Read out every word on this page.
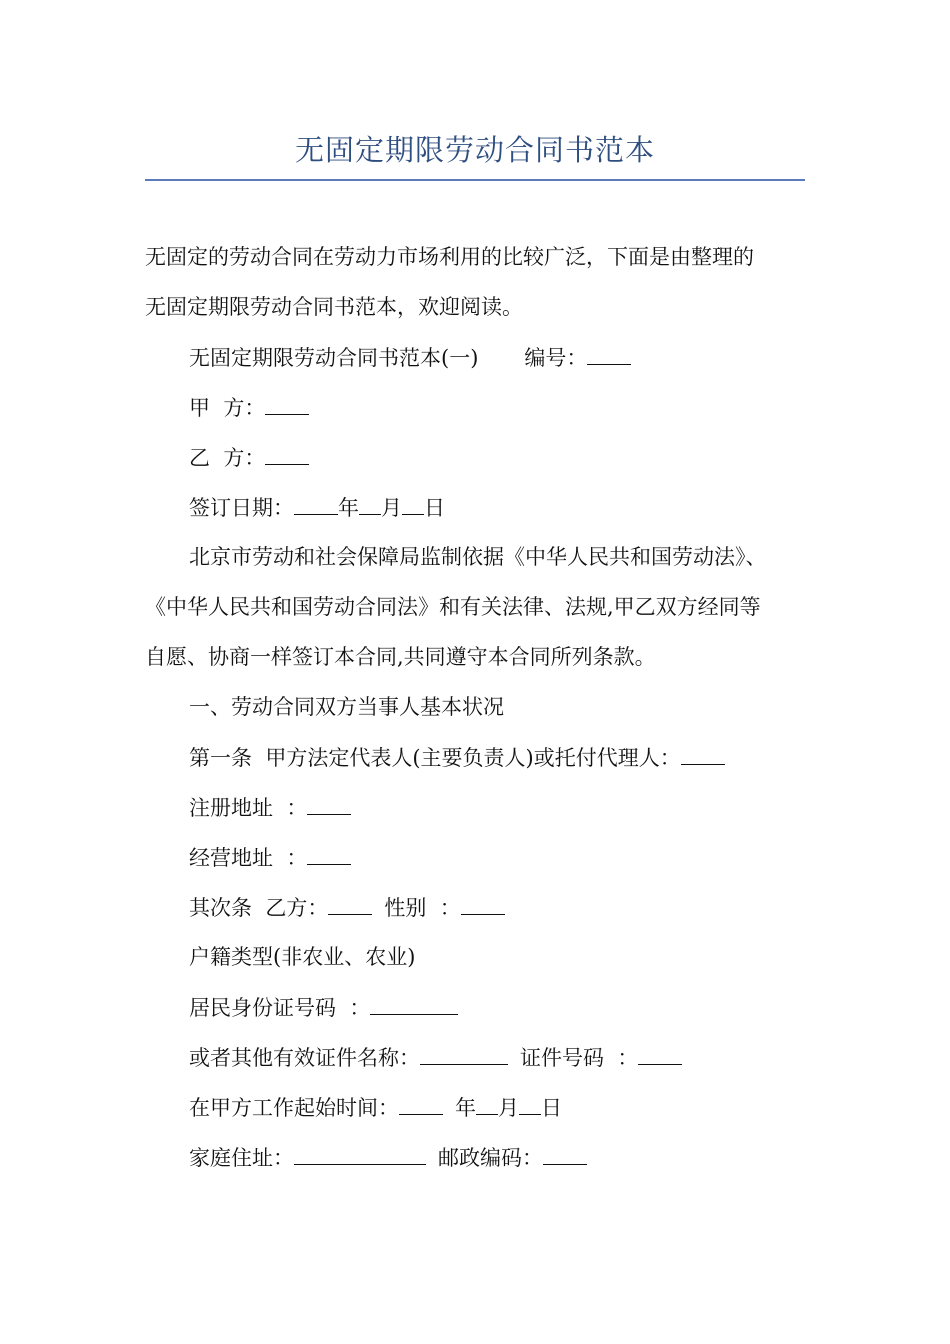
无固定期限劳动合同书范本

无固定的劳动合同在劳动力市场利用的比较广泛，下面是由整理的

无固定期限劳动合同书范本，欢迎阅读。

无固定期限劳动合同书范本(一) 编号：

甲  方：

乙  方：

签订日期： 年 月 日

北京市劳动和社会保障局监制依据《中华人民共和国劳动法》、

《中华人民共和国劳动合同法》和有关法律、法规,甲乙双方经同等

自愿、协商一样签订本合同,共同遵守本合同所列条款。

一、劳动合同双方当事人基本状况

第一条  甲方法定代表人(主要负责人)或托付代理人：

注册地址  ：

经营地址  ：

其次条  乙方：	性别  ：

户籍类型(非农业、农业)

居民身份证号码  ：

或者其他有效证件名称：	证件号码  ：

在甲方工作起始时间：	年 月 日

家庭住址：	邮政编码：
